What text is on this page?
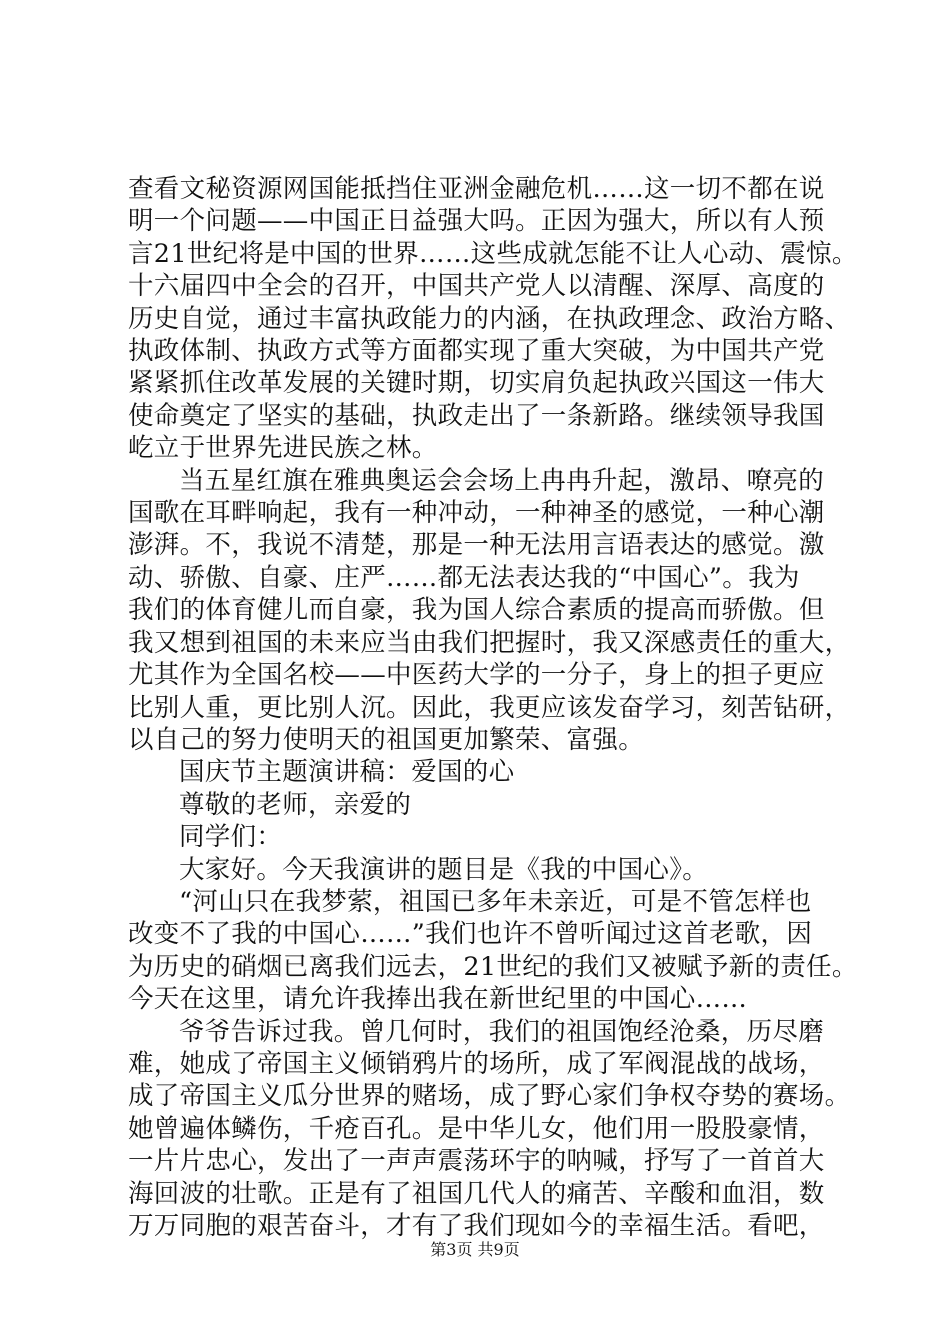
查看文秘资源网国能抵挡住亚洲金融危机……这一切不都在说
明一个问题——中国正日益强大吗。正因为强大，所以有人预
言21世纪将是中国的世界……这些成就怎能不让人心动、震惊。
十六届四中全会的召开，中国共产党人以清醒、深厚、高度的
历史自觉，通过丰富执政能力的内涵，在执政理念、政治方略、
执政体制、执政方式等方面都实现了重大突破，为中国共产党
紧紧抓住改革发展的关键时期，切实肩负起执政兴国这一伟大
使命奠定了坚实的基础，执政走出了一条新路。继续领导我国
屹立于世界先进民族之林。
当五星红旗在雅典奥运会会场上冉冉升起，激昂、嘹亮的
国歌在耳畔响起，我有一种冲动，一种神圣的感觉，一种心潮
澎湃。不，我说不清楚，那是一种无法用言语表达的感觉。激
动、骄傲、自豪、庄严……都无法表达我的“中国心”。我为
我们的体育健儿而自豪，我为国人综合素质的提高而骄傲。但
我又想到祖国的未来应当由我们把握时，我又深感责任的重大，
尤其作为全国名校——中医药大学的一分子，身上的担子更应
比别人重，更比别人沉。因此，我更应该发奋学习，刻苦钻研，
以自己的努力使明天的祖国更加繁荣、富强。
国庆节主题演讲稿：爱国的心
尊敬的老师，亲爱的
同学们：
大家好。今天我演讲的题目是《我的中国心》。
“河山只在我梦萦，祖国已多年未亲近，可是不管怎样也
改变不了我的中国心……”我们也许不曾听闻过这首老歌，因
为历史的硝烟已离我们远去，21世纪的我们又被赋予新的责任。
今天在这里，请允许我捧出我在新世纪里的中国心……
爷爷告诉过我。曾几何时，我们的祖国饱经沧桑，历尽磨
难，她成了帝国主义倾销鸦片的场所，成了军阀混战的战场，
成了帝国主义瓜分世界的赌场，成了野心家们争权夺势的赛场。
她曾遍体鳞伤，千疮百孔。是中华儿女，他们用一股股豪情，
一片片忠心，发出了一声声震荡环宇的呐喊，抒写了一首首大
海回波的壮歌。正是有了祖国几代人的痛苦、辛酸和血泪，数
万万同胞的艰苦奋斗，才有了我们现如今的幸福生活。看吧，
第3页 共9页
